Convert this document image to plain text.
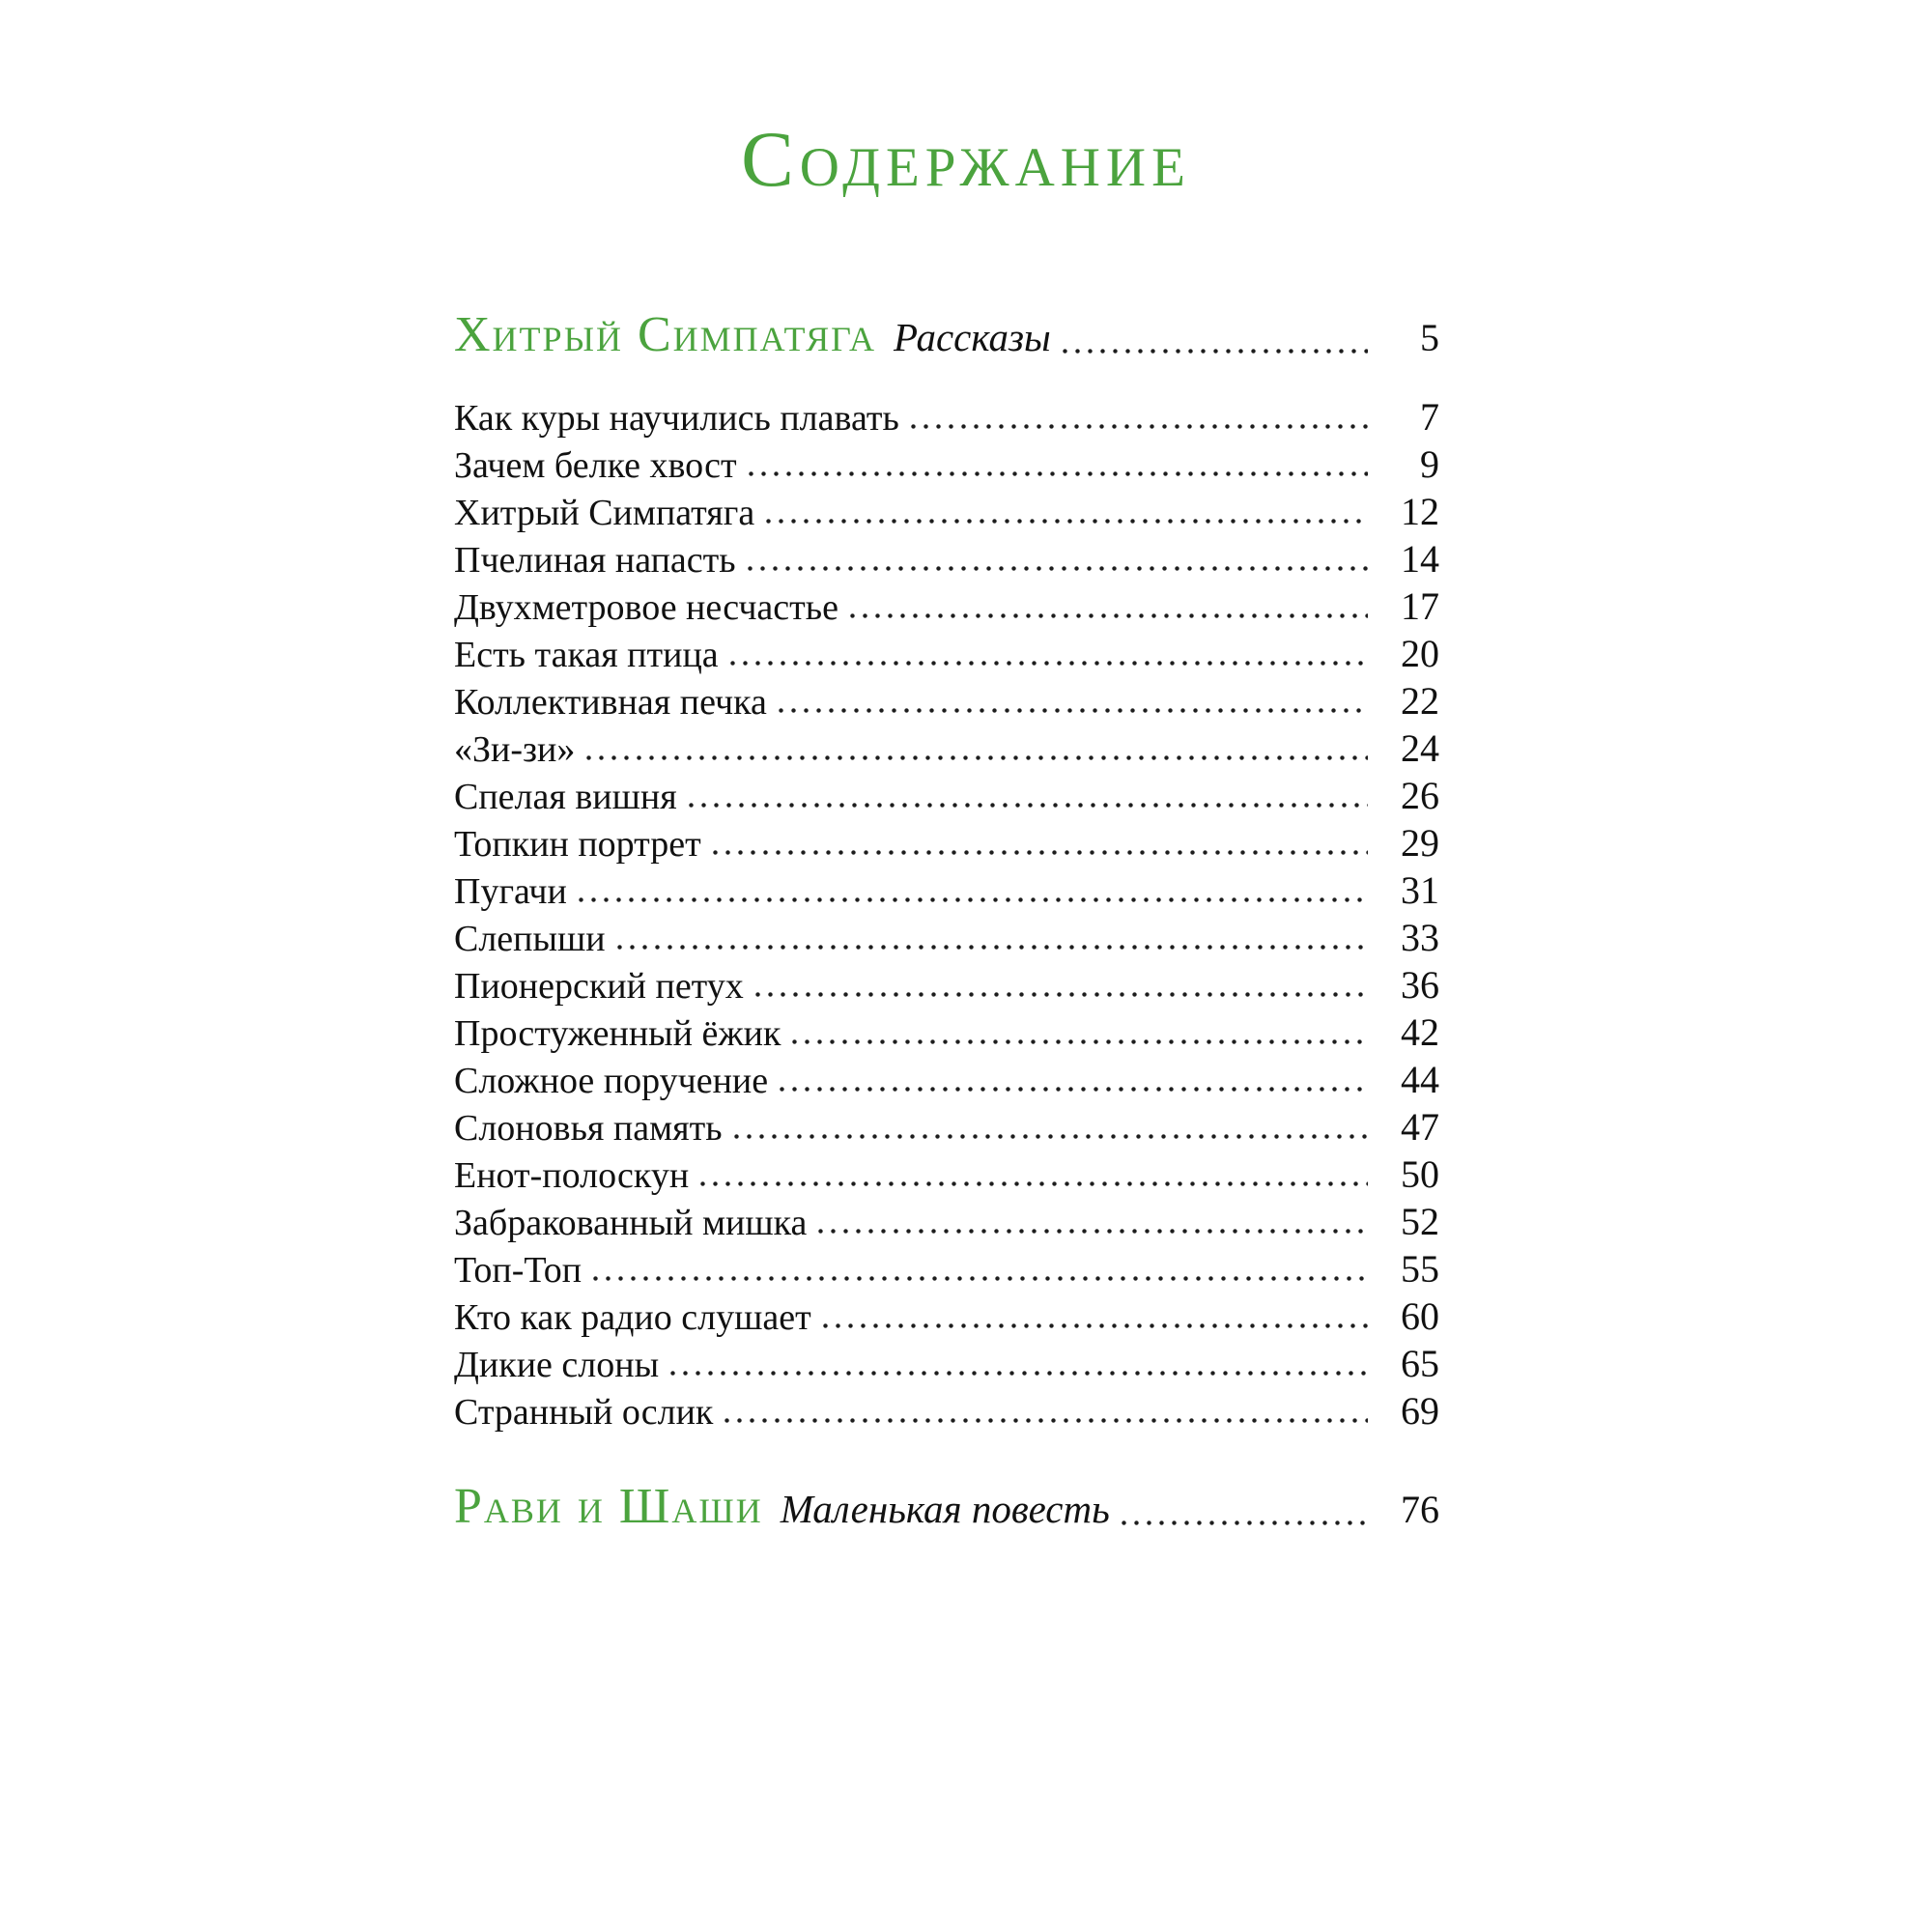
Содержание
Хитрый Симпатяга Рассказы	5
Как куры научились плавать	7
Зачем белке хвост	9
Хитрый Симпатяга	12
Пчелиная напасть	14
Двухметровое несчастье	17
Есть такая птица	20
Коллективная печка	22
«Зи-зи»	24
Спелая вишня	26
Топкин портрет	29
Пугачи	31
Слепыши	33
Пионерский петух	36
Простуженный ёжик	42
Сложное поручение	44
Слоновья память	47
Енот-полоскун	50
Забракованный мишка	52
Топ-Топ	55
Кто как радио слушает	60
Дикие слоны	65
Странный ослик	69
Рави и Шаши Маленькая повесть	76
